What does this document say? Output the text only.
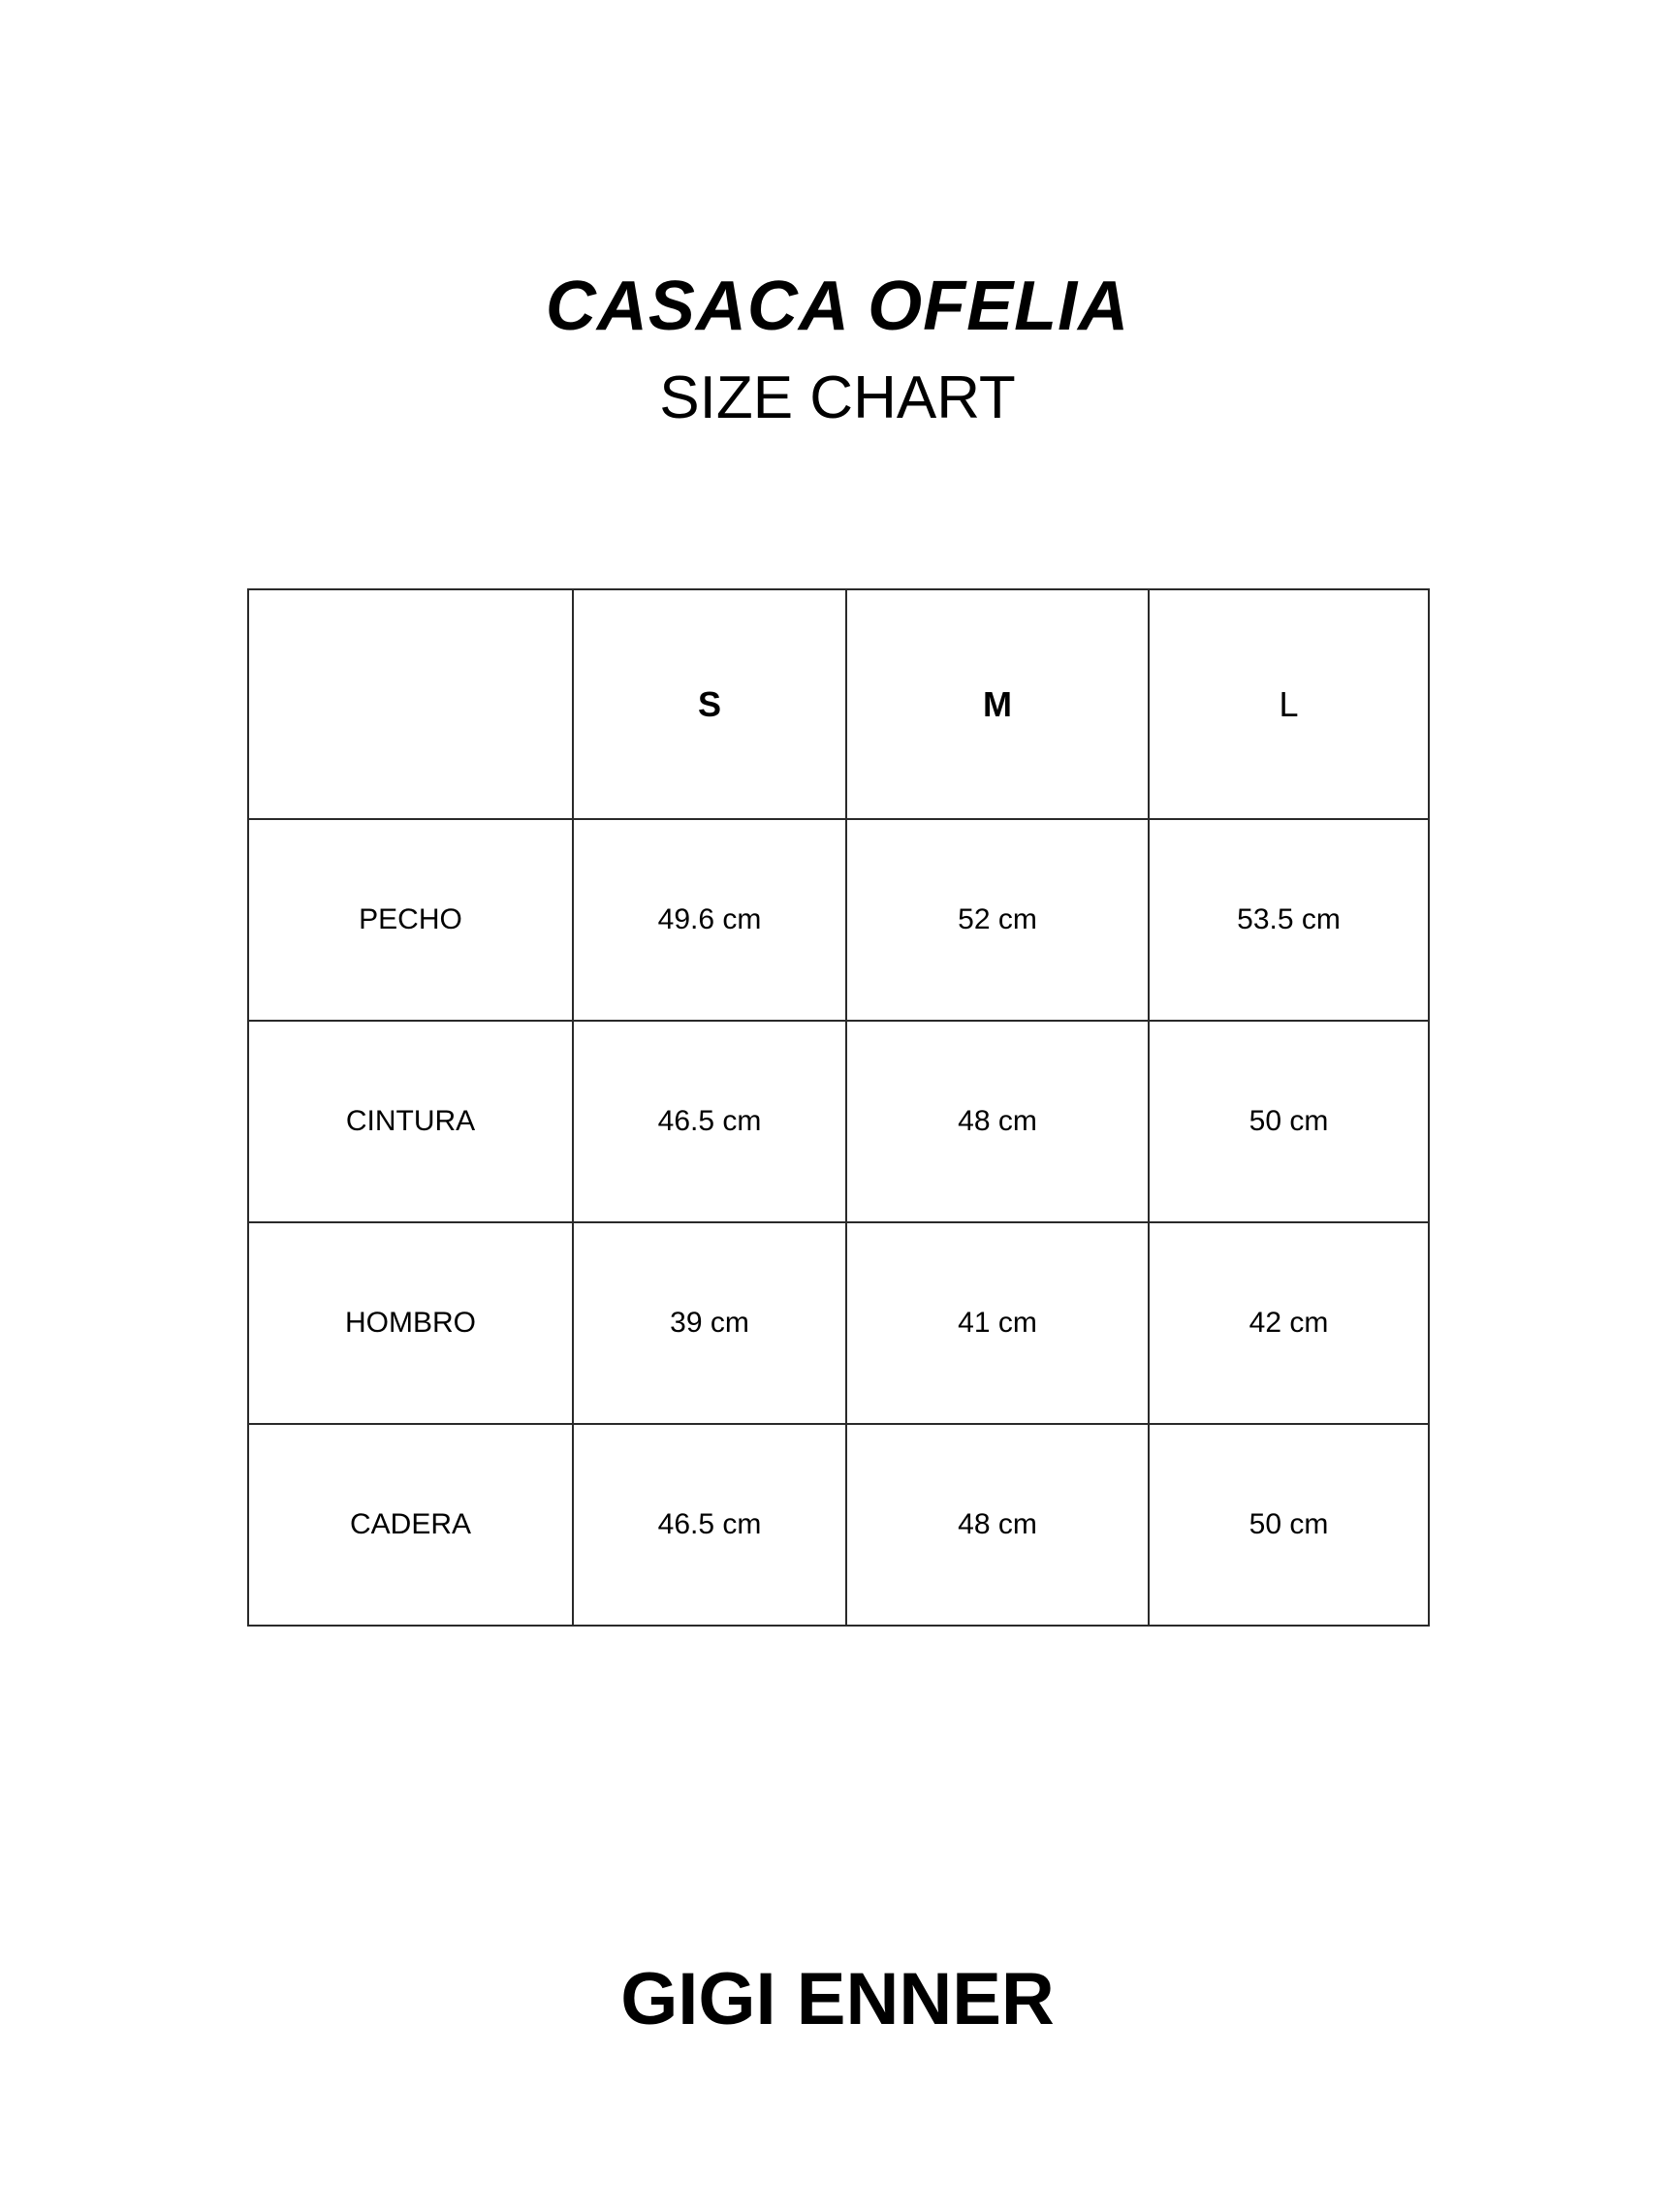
CASACA OFELIA
SIZE CHART
	S	M	L
PECHO	49.6 cm	52 cm	53.5 cm
CINTURA	46.5 cm	48 cm	50 cm
HOMBRO	39 cm	41 cm	42 cm
CADERA	46.5 cm	48 cm	50 cm
GIGI ENNER
